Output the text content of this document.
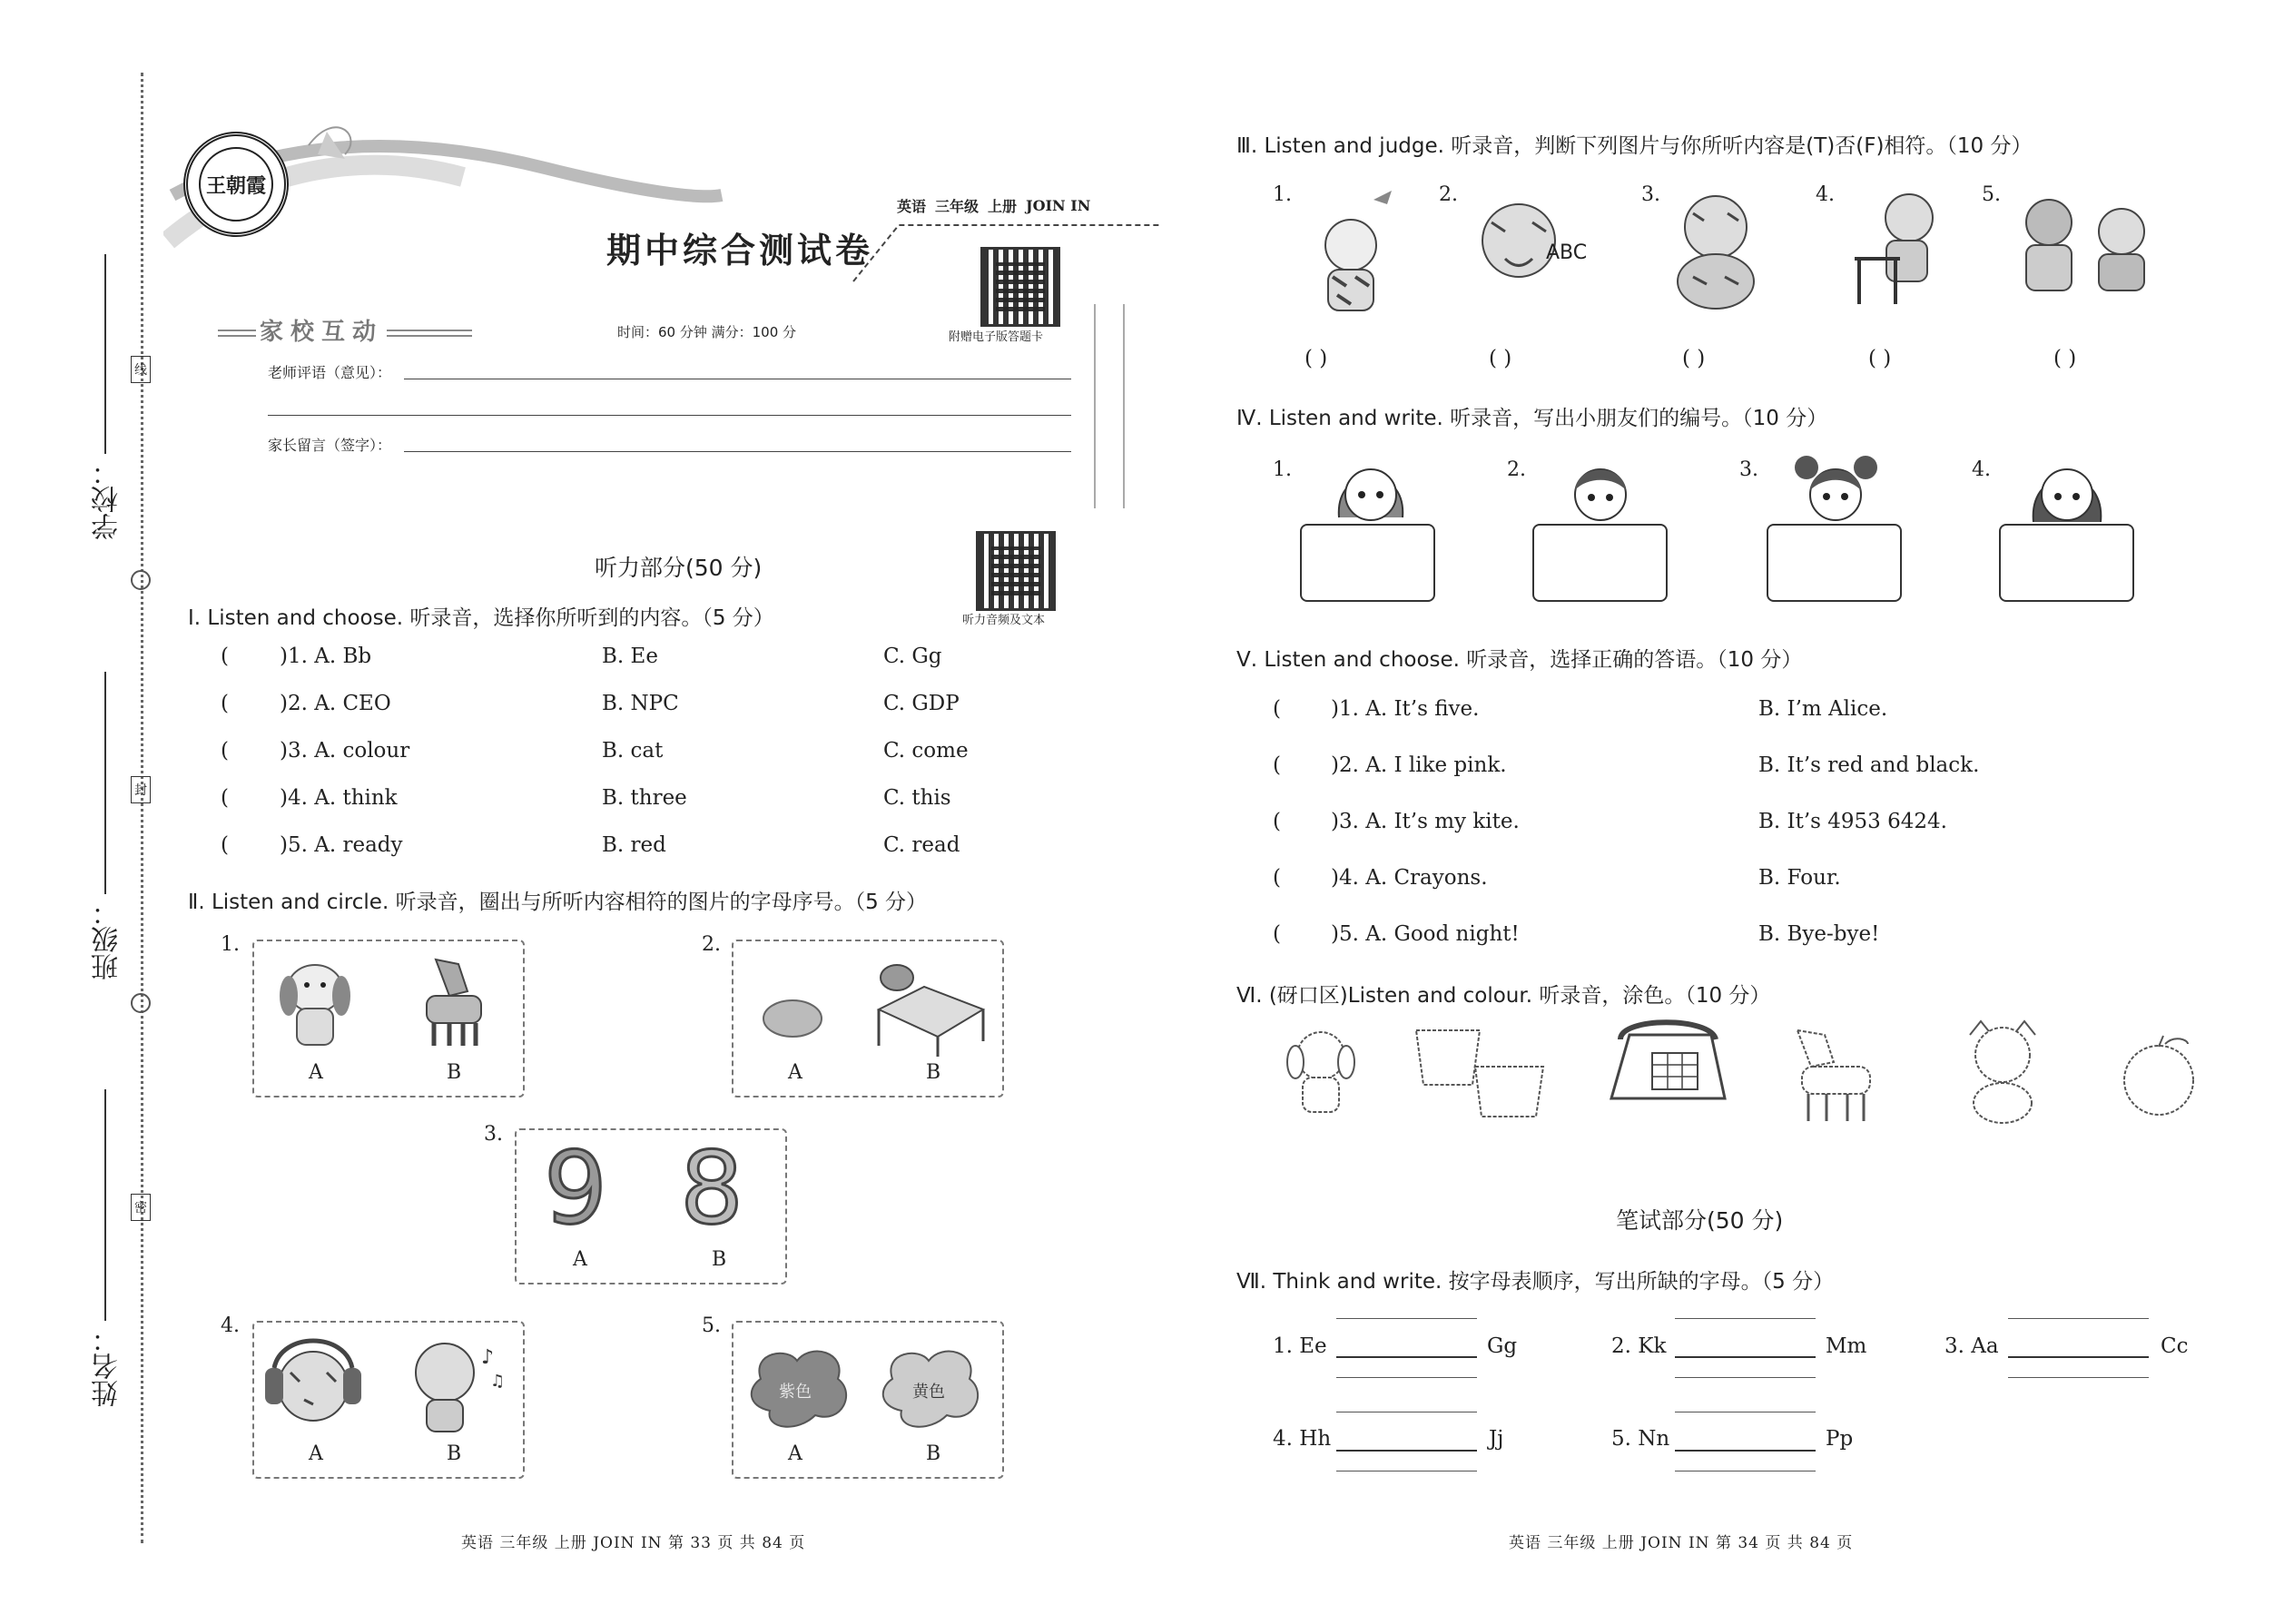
学校：
班级：
姓名：
线
封
密
王朝霞
期中综合测试卷
英语 三年级 上册 JOIN IN
附赠电子版答题卡
家校互动	时间：60 分钟 满分：100 分
老师评语（意见）：
家长留言（签字）：
听力部分(50 分)
听力音频及文本
Ⅰ. Listen and choose. 听录音，选择你所听到的内容。（5 分）
( )1. A. Bb	B. Ee	C. Gg
( )2. A. CEO	B. NPC	C. GDP
( )3. A. colour	B. cat	C. come
( )4. A. think	B. three	C. this
( )5. A. ready	B. red	C. read
Ⅱ. Listen and circle. 听录音，圈出与所听内容相符的图片的字母序号。（5 分）
1.
A	B
2.
A	B
3. 9 8
A	B
4.
♪
♫
A	B
5.
紫色	黄色
A	B
英语 三年级 上册 JOIN IN 第 33 页 共 84 页
Ⅲ. Listen and judge. 听录音，判断下列图片与你所听内容是(T)否(F)相符。（10 分）
1.
( )
2.
ABC
( )
3.
( )
4.
( )
5.
( )
Ⅳ. Listen and write. 听录音，写出小朋友们的编号。（10 分）
1.	2.	3.	4.
Ⅴ. Listen and choose. 听录音，选择正确的答语。（10 分）
( )1. A. It’s five.	B. I’m Alice.
( )2. A. I like pink.	B. It’s red and black.
( )3. A. It’s my kite.	B. It’s 4953 6424.
( )4. A. Crayons.	B. Four.
( )5. A. Good night!	B. Bye-bye!
Ⅵ. (砑口区)Listen and colour. 听录音，涂色。（10 分）
笔试部分(50 分)
Ⅶ. Think and write. 按字母表顺序，写出所缺的字母。（5 分）
1. Ee	Gg	2. Kk	Mm	3. Aa	Cc
4. Hh	Jj	5. Nn	Pp
英语 三年级 上册 JOIN IN 第 34 页 共 84 页
